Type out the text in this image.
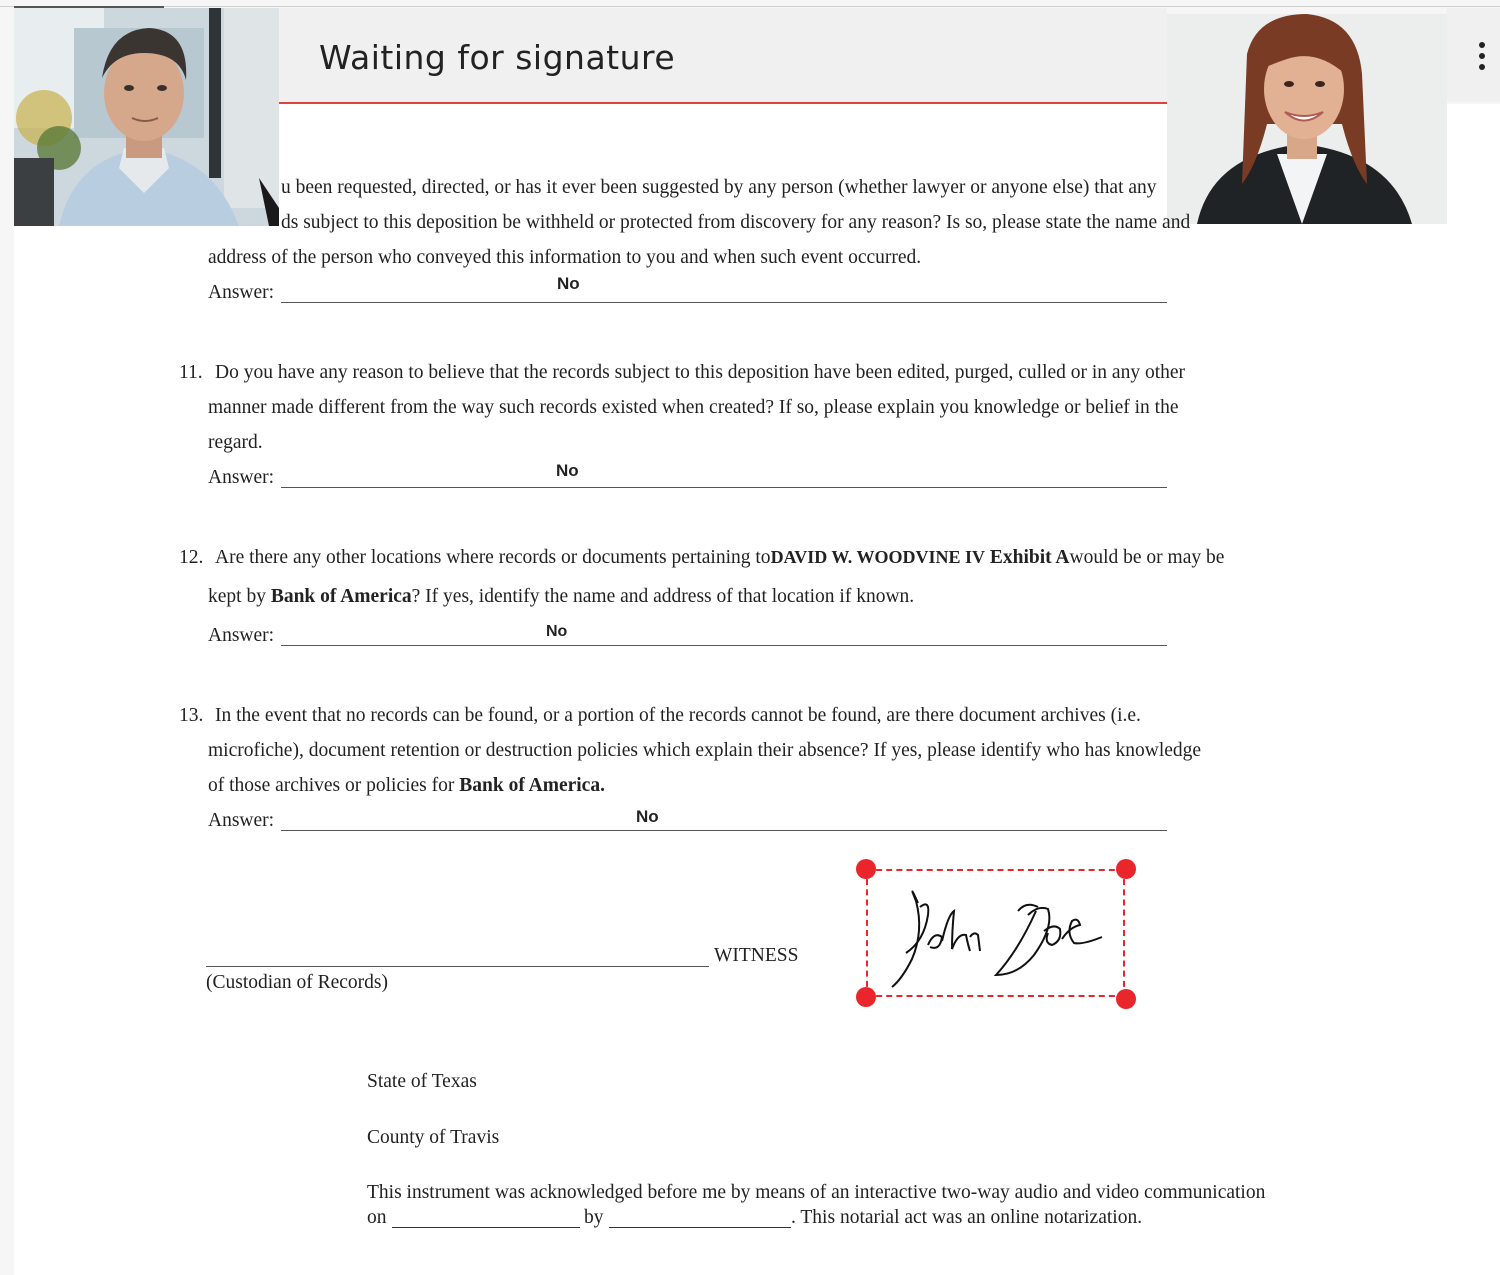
Waiting for signature
u been requested, directed, or has it ever been suggested by any person (whether lawyer or anyone else) that any
ds subject to this deposition be withheld or protected from discovery for any reason? Is so, please state the name and
address of the person who conveyed this information to you and when such event occurred.
Answer:	No
11. Do you have any reason to believe that the records subject to this deposition have been edited, purged, culled or in any other
manner made different from the way such records existed when created? If so, please explain you knowledge or belief in the
regard.
Answer:	No
12. Are there any other locations where records or documents pertaining toDAVID W. WOODVINE IV Exhibit Awould be or may be
kept by Bank of America? If yes, identify the name and address of that location if known.
Answer:	No
13. In the event that no records can be found, or a portion of the records cannot be found, are there document archives (i.e.
microfiche), document retention or destruction policies which explain their absence? If yes, please identify who has knowledge
of those archives or policies for Bank of America.
Answer:	No
WITNESS
(Custodian of Records)
State of Texas
County of Travis
This instrument was acknowledged before me by means of an interactive two-way audio and video communication
on	by	. This notarial act was an online notarization.
